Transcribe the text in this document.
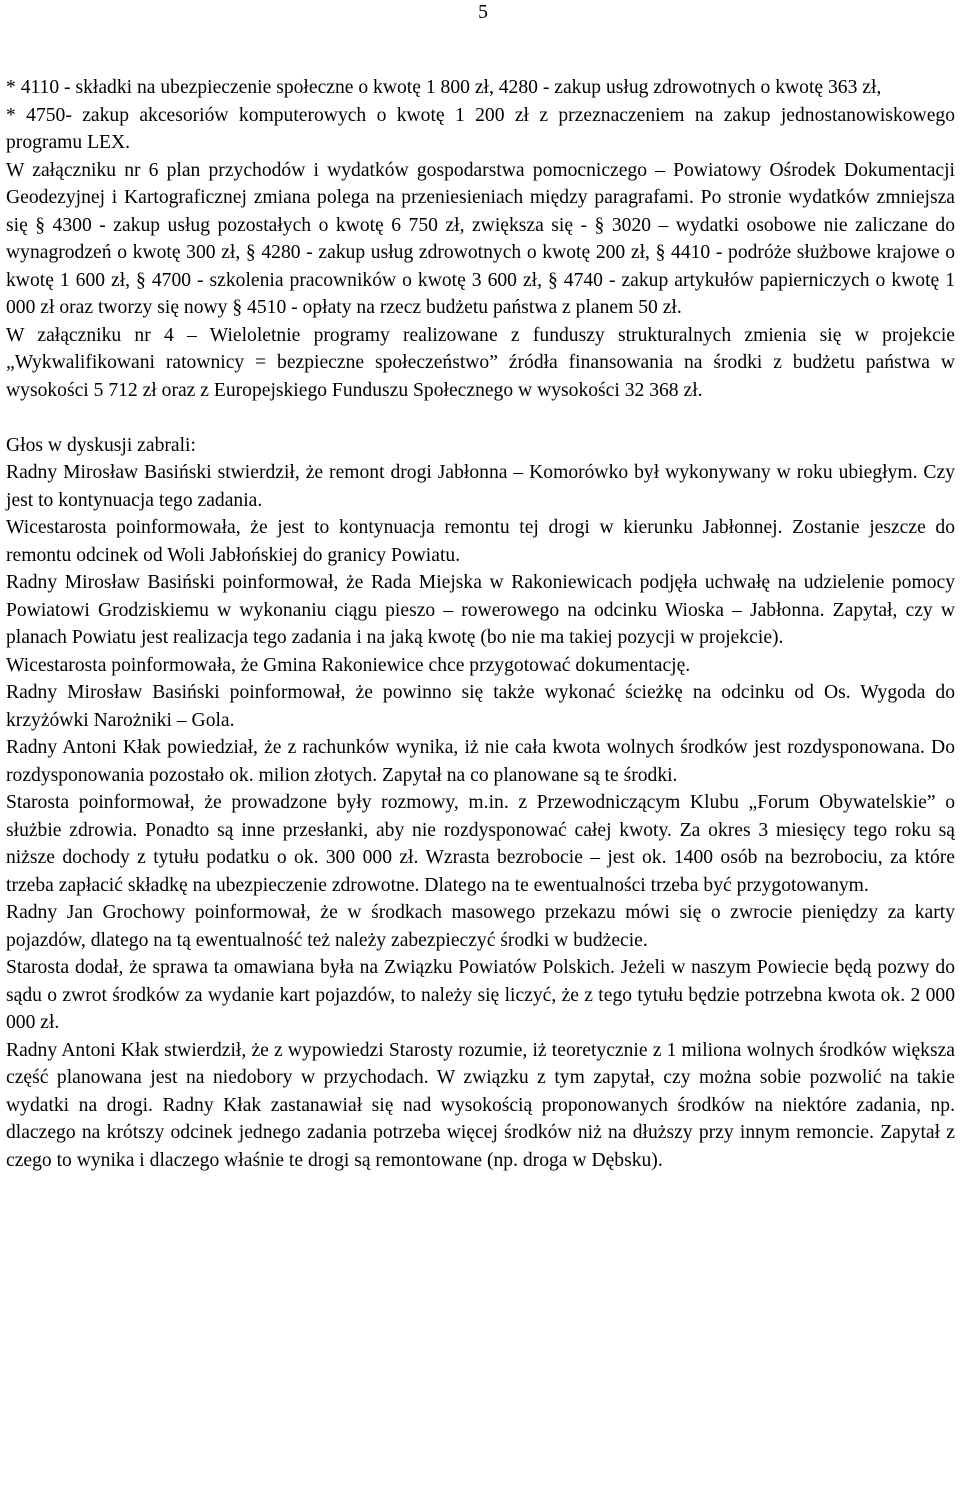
5

* 4110 - składki na ubezpieczenie społeczne o kwotę 1 800 zł, 4280 - zakup usług zdrowotnych o kwotę 363 zł,

* 4750- zakup akcesoriów komputerowych o kwotę 1 200 zł z przeznaczeniem na zakup jednostanowiskowego programu LEX.

W załączniku nr 6 plan przychodów i wydatków gospodarstwa pomocniczego – Powiatowy Ośrodek Dokumentacji Geodezyjnej i Kartograficznej zmiana polega na przeniesieniach między paragrafami. Po stronie wydatków zmniejsza się § 4300 - zakup usług pozostałych o kwotę 6 750 zł, zwiększa się - § 3020 – wydatki osobowe nie zaliczane do wynagrodzeń o kwotę 300 zł, § 4280 - zakup usług zdrowotnych o kwotę 200 zł, § 4410 - podróże służbowe krajowe o kwotę 1 600 zł, § 4700 - szkolenia pracowników o kwotę 3 600 zł, § 4740 - zakup artykułów papierniczych o kwotę 1 000 zł oraz tworzy się nowy § 4510 - opłaty na rzecz budżetu państwa z planem 50 zł.

W załączniku nr 4 – Wieloletnie programy realizowane z funduszy strukturalnych zmienia się w projekcie „Wykwalifikowani ratownicy = bezpieczne społeczeństwo” źródła finansowania na środki z budżetu państwa w wysokości 5 712 zł oraz z Europejskiego Funduszu Społecznego w wysokości 32 368 zł.

Głos w dyskusji zabrali:

Radny Mirosław Basiński stwierdził, że remont drogi Jabłonna – Komorówko był wykonywany w roku ubiegłym. Czy jest to kontynuacja tego zadania.

Wicestarosta poinformowała, że jest to kontynuacja remontu tej drogi w kierunku Jabłonnej. Zostanie jeszcze do remontu odcinek od Woli Jabłońskiej do granicy Powiatu.

Radny Mirosław Basiński poinformował, że Rada Miejska w Rakoniewicach podjęła uchwałę na udzielenie pomocy Powiatowi Grodziskiemu w wykonaniu ciągu pieszo – rowerowego na odcinku Wioska – Jabłonna. Zapytał, czy w planach Powiatu jest realizacja tego zadania i na jaką kwotę (bo nie ma takiej pozycji w projekcie).

Wicestarosta poinformowała, że Gmina Rakoniewice chce przygotować dokumentację.

Radny Mirosław Basiński poinformował, że powinno się także wykonać ścieżkę na odcinku od Os. Wygoda do krzyżówki Narożniki – Gola.

Radny Antoni Kłak powiedział, że z rachunków wynika, iż nie cała kwota wolnych środków jest rozdysponowana. Do rozdysponowania pozostało ok. milion złotych. Zapytał na co planowane są te środki.

Starosta poinformował, że prowadzone były rozmowy, m.in. z Przewodniczącym Klubu „Forum Obywatelskie” o służbie zdrowia. Ponadto są inne przesłanki, aby nie rozdysponować całej kwoty. Za okres 3 miesięcy tego roku są niższe dochody z tytułu podatku o ok. 300 000 zł. Wzrasta bezrobocie – jest ok. 1400 osób na bezrobociu, za które trzeba zapłacić składkę na ubezpieczenie zdrowotne. Dlatego na te ewentualności trzeba być przygotowanym.

Radny Jan Grochowy poinformował, że w środkach masowego przekazu mówi się o zwrocie pieniędzy za karty pojazdów, dlatego na tą ewentualność też należy zabezpieczyć środki w budżecie.

Starosta dodał, że sprawa ta omawiana była na Związku Powiatów Polskich. Jeżeli w naszym Powiecie będą pozwy do sądu o zwrot środków za wydanie kart pojazdów, to należy się liczyć, że z tego tytułu będzie potrzebna kwota ok. 2 000 000 zł.

Radny Antoni Kłak stwierdził, że z wypowiedzi Starosty rozumie, iż teoretycznie z 1 miliona wolnych środków większa część planowana jest na niedobory w przychodach. W związku z tym zapytał, czy można sobie pozwolić na takie wydatki na drogi. Radny Kłak zastanawiał się nad wysokością proponowanych środków na niektóre zadania, np. dlaczego na krótszy odcinek jednego zadania potrzeba więcej środków niż na dłuższy przy innym remoncie. Zapytał z czego to wynika i dlaczego właśnie te drogi są remontowane (np. droga w Dębsku).
